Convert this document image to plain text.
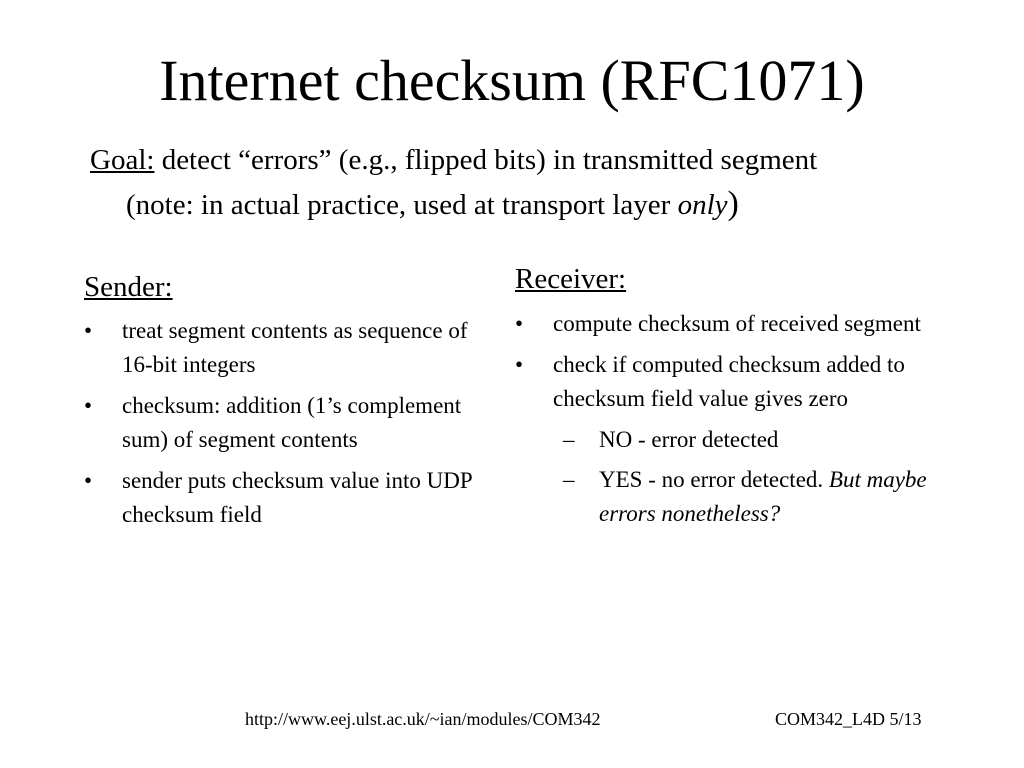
Internet checksum (RFC1071)
Goal: detect “errors” (e.g., flipped bits) in transmitted segment
(note: in actual practice, used at transport layer only)
Sender:
• treat segment contents as sequence of 16-bit integers
• checksum: addition (1’s complement sum) of segment contents
• sender puts checksum value into UDP checksum field
Receiver:
• compute checksum of received segment
• check if computed checksum added to checksum field value gives zero
– NO - error detected
– YES - no error detected. But maybe errors nonetheless?
http://www.eej.ulst.ac.uk/~ian/modules/COM342	COM342_L4D 5/13
